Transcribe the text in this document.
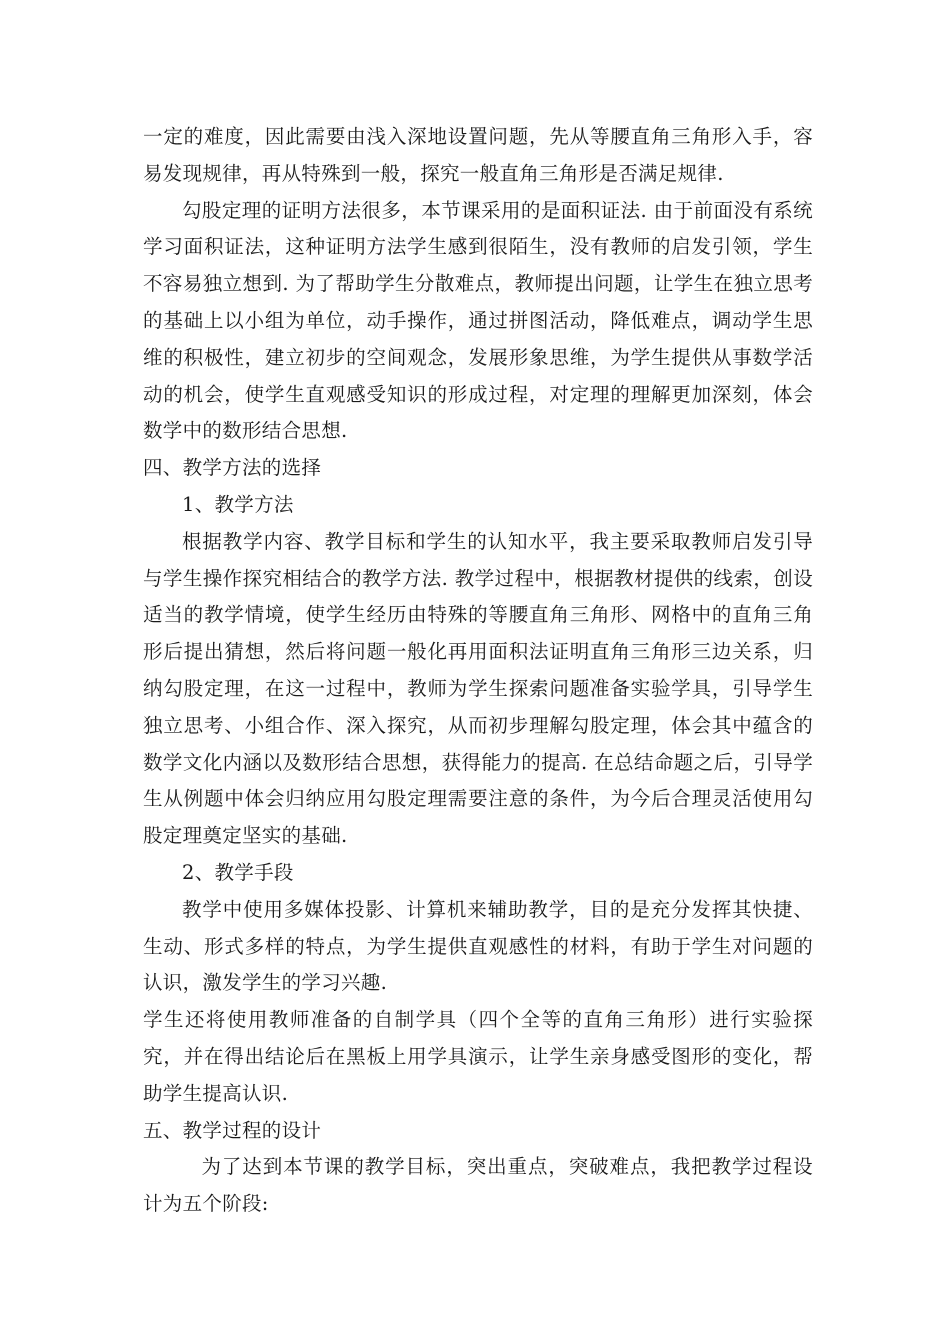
一定的难度，因此需要由浅入深地设置问题，先从等腰直角三角形入手，容易发现规律，再从特殊到一般，探究一般直角三角形是否满足规律.

勾股定理的证明方法很多，本节课采用的是面积证法. 由于前面没有系统学习面积证法，这种证明方法学生感到很陌生，没有教师的启发引领，学生不容易独立想到. 为了帮助学生分散难点，教师提出问题，让学生在独立思考的基础上以小组为单位，动手操作，通过拼图活动，降低难点，调动学生思维的积极性，建立初步的空间观念，发展形象思维，为学生提供从事数学活动的机会，使学生直观感受知识的形成过程，对定理的理解更加深刻，体会数学中的数形结合思想.

四、教学方法的选择

1、教学方法

根据教学内容、教学目标和学生的认知水平，我主要采取教师启发引导与学生操作探究相结合的教学方法. 教学过程中，根据教材提供的线索，创设适当的教学情境，使学生经历由特殊的等腰直角三角形、网格中的直角三角形后提出猜想，然后将问题一般化再用面积法证明直角三角形三边关系，归纳勾股定理，在这一过程中，教师为学生探索问题准备实验学具，引导学生独立思考、小组合作、深入探究，从而初步理解勾股定理，体会其中蕴含的数学文化内涵以及数形结合思想，获得能力的提高. 在总结命题之后，引导学生从例题中体会归纳应用勾股定理需要注意的条件，为今后合理灵活使用勾股定理奠定坚实的基础.

2、教学手段

教学中使用多媒体投影、计算机来辅助教学，目的是充分发挥其快捷、生动、形式多样的特点，为学生提供直观感性的材料，有助于学生对问题的认识，激发学生的学习兴趣.

学生还将使用教师准备的自制学具（四个全等的直角三角形）进行实验探究，并在得出结论后在黑板上用学具演示，让学生亲身感受图形的变化，帮助学生提高认识.

五、教学过程的设计

为了达到本节课的教学目标，突出重点，突破难点，我把教学过程设计为五个阶段:
